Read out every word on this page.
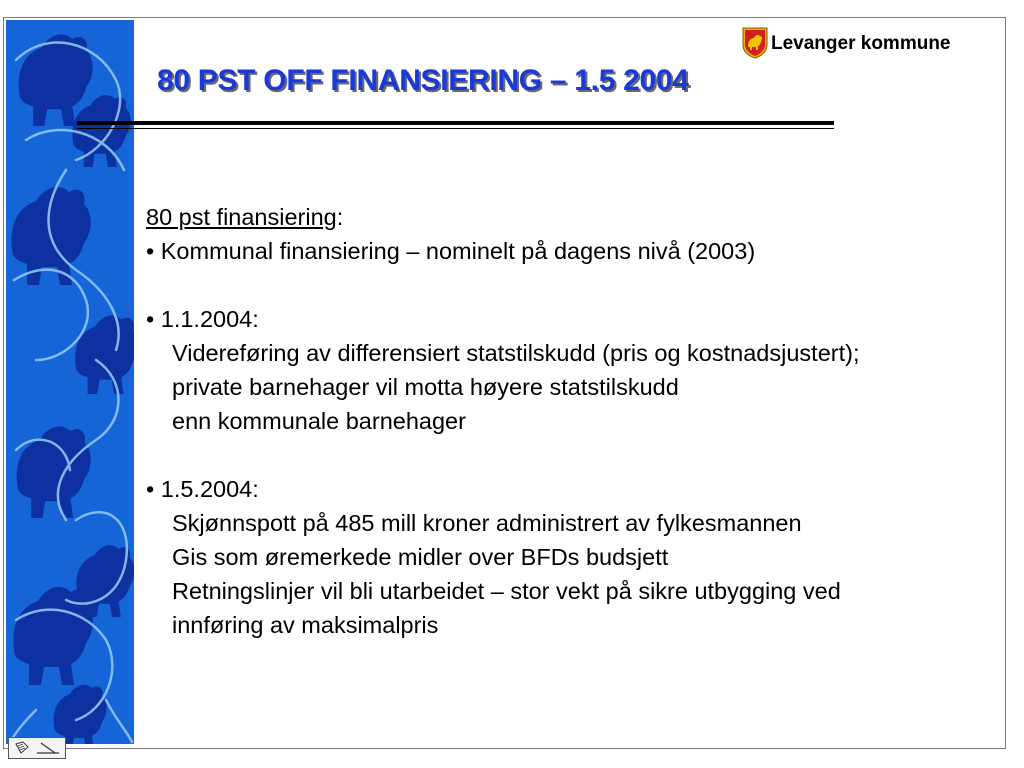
Levanger kommune
80 PST OFF FINANSIERING – 1.5 2004
80 pst finansiering:
• Kommunal finansiering – nominelt på dagens nivå (2003)
• 1.1.2004:
Videreføring av differensiert statstilskudd (pris og kostnadsjustert);
private barnehager vil motta høyere statstilskudd
enn kommunale barnehager
• 1.5.2004:
Skjønnspott på 485 mill kroner administrert av fylkesmannen
Gis som øremerkede midler over BFDs budsjett
Retningslinjer vil bli utarbeidet – stor vekt på sikre utbygging ved
innføring av maksimalpris
